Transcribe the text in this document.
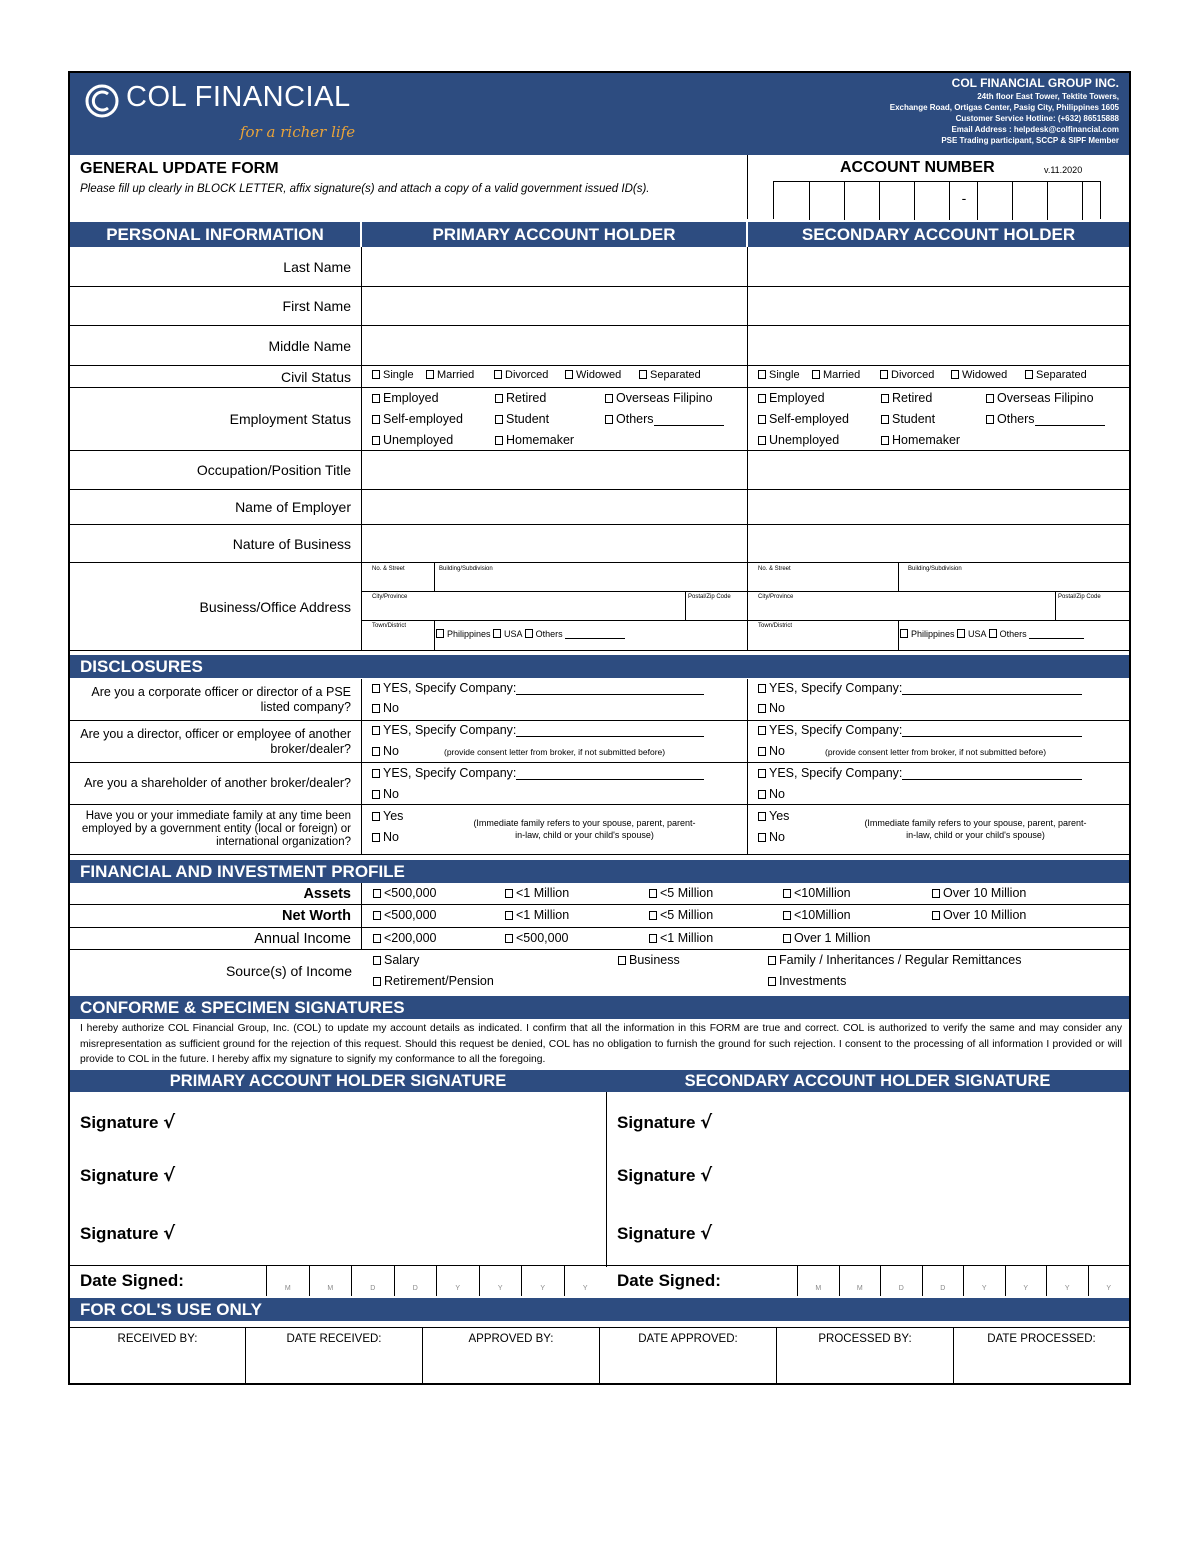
COL FINANCIAL
for a richer life
COL FINANCIAL GROUP INC.
24th floor East Tower, Tektite Towers,
Exchange Road, Ortigas Center, Pasig City, Philippines 1605
Customer Service Hotline: (+632) 86515888
Email Address : helpdesk@colfinancial.com
PSE Trading participant, SCCP & SIPF Member
GENERAL UPDATE FORM
Please fill up clearly in BLOCK LETTER, affix signature(s) and attach a copy of a valid government issued ID(s).
ACCOUNT NUMBER	v.11.2020
-
PERSONAL INFORMATION	PRIMARY ACCOUNT HOLDER	SECONDARY ACCOUNT HOLDER
Last Name
First Name
Middle Name
Civil Status	Single	Married	Divorced	Widowed	Separated	Single	Married	Divorced	Widowed	Separated
Employment Status
Employed	Retired	Overseas Filipino
Self-employed	Student	Others
Unemployed	Homemaker
Employed	Retired	Overseas Filipino
Self-employed	Student	Others
Unemployed	Homemaker
Occupation/Position Title
Name of Employer
Nature of Business
Business/Office Address
No. & Street	Building/Subdivision
City/Province	Postal/Zip Code
Town/District
Philippines USA Others
No. & Street	Building/Subdivision
City/Province	Postal/Zip Code
Town/District
Philippines USA Others
DISCLOSURES
Are you a corporate officer or director of a PSE listed company?
YES, Specify Company:
No
YES, Specify Company:
No
Are you a director, officer or employee of another broker/dealer?
YES, Specify Company:
No	(provide consent letter from broker, if not submitted before)
YES, Specify Company:
No	(provide consent letter from broker, if not submitted before)
Are you a shareholder of another broker/dealer?
YES, Specify Company:
No
YES, Specify Company:
No
Have you or your immediate family at any time been employed by a government entity (local or foreign) or international organization?
Yes
No
(Immediate family refers to your spouse, parent, parent-in-law, child or your child's spouse)
Yes
No
(Immediate family refers to your spouse, parent, parent-in-law, child or your child's spouse)
FINANCIAL AND INVESTMENT PROFILE
Assets	<500,000	<1 Million	<5 Million	<10Million	Over 10 Million
Net Worth	<500,000	<1 Million	<5 Million	<10Million	Over 10 Million
Annual Income	<200,000	<500,000	<1 Million	Over 1 Million
Source(s) of Income
Salary	Business	Family / Inheritances / Regular Remittances
Retirement/Pension	Investments
CONFORME & SPECIMEN SIGNATURES
I hereby authorize COL Financial Group, Inc. (COL) to update my account details as indicated. I confirm that all the information in this FORM are true and correct. COL is authorized to verify the same and may consider any misrepresentation as sufficient ground for the rejection of this request. Should this request be denied, COL has no obligation to furnish the ground for such rejection. I consent to the processing of all information I provided or will provide to COL in the future. I hereby affix my signature to signify my conformance to all the foregoing.
PRIMARY ACCOUNT HOLDER SIGNATURE	SECONDARY ACCOUNT HOLDER SIGNATURE
Signature √
Signature √
Signature √
Signature √
Signature √
Signature √
Date Signed:	M	M	D	D	Y	Y	Y	Y	Date Signed:	M	M	D	D	Y	Y	Y	Y
FOR COL'S USE ONLY
RECEIVED BY:	DATE RECEIVED:	APPROVED BY:	DATE APPROVED:	PROCESSED BY:	DATE PROCESSED:
